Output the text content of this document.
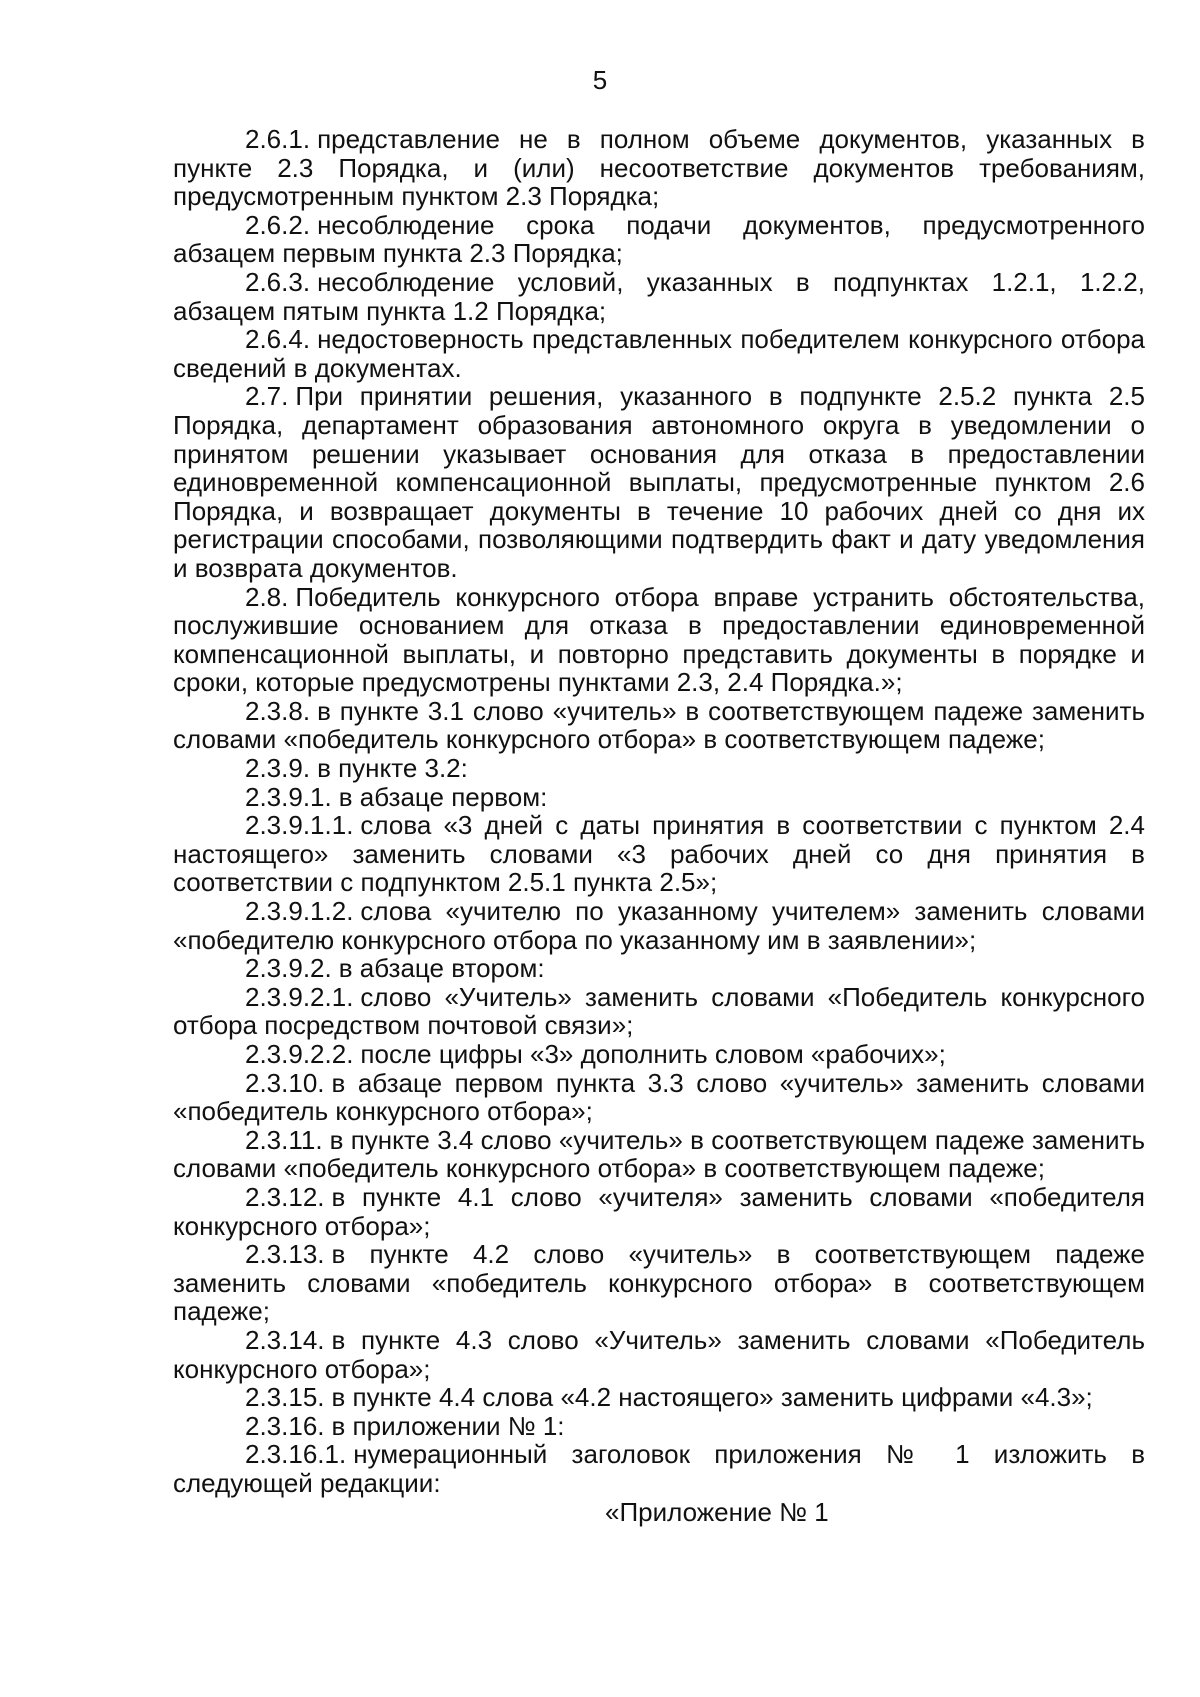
5

2.6.1. представление не в полном объеме документов, указанных в пункте 2.3 Порядка, и (или) несоответствие документов требованиям, предусмотренным пунктом 2.3 Порядка;

2.6.2. несоблюдение срока подачи документов, предусмотренного абзацем первым пункта 2.3 Порядка;

2.6.3. несоблюдение условий, указанных в подпунктах 1.2.1, 1.2.2, абзацем пятым пункта 1.2 Порядка;

2.6.4. недостоверность представленных победителем конкурсного отбора сведений в документах.

2.7. При принятии решения, указанного в подпункте 2.5.2 пункта 2.5 Порядка, департамент образования автономного округа в уведомлении о принятом решении указывает основания для отказа в предоставлении единовременной компенсационной выплаты, предусмотренные пунктом 2.6 Порядка, и возвращает документы в течение 10 рабочих дней со дня их регистрации способами, позволяющими подтвердить факт и дату уведомления и возврата документов.

2.8. Победитель конкурсного отбора вправе устранить обстоятельства, послужившие основанием для отказа в предоставлении единовременной компенсационной выплаты, и повторно представить документы в порядке и сроки, которые предусмотрены пунктами 2.3, 2.4 Порядка.»;

2.3.8. в пункте 3.1 слово «учитель» в соответствующем падеже заменить словами «победитель конкурсного отбора» в соответствующем падеже;

2.3.9. в пункте 3.2:

2.3.9.1. в абзаце первом:

2.3.9.1.1. слова «3 дней с даты принятия в соответствии с пунктом 2.4 настоящего» заменить словами «3 рабочих дней со дня принятия в соответствии с подпунктом 2.5.1 пункта 2.5»;

2.3.9.1.2. слова «учителю по указанному учителем» заменить словами «победителю конкурсного отбора по указанному им в заявлении»;

2.3.9.2. в абзаце втором:

2.3.9.2.1. слово «Учитель» заменить словами «Победитель конкурсного отбора посредством почтовой связи»;

2.3.9.2.2. после цифры «3» дополнить словом «рабочих»;

2.3.10. в абзаце первом пункта 3.3 слово «учитель» заменить словами «победитель конкурсного отбора»;

2.3.11. в пункте 3.4 слово «учитель» в соответствующем падеже заменить словами «победитель конкурсного отбора» в соответствующем падеже;

2.3.12. в пункте 4.1 слово «учителя» заменить словами «победителя конкурсного отбора»;

2.3.13. в пункте 4.2 слово «учитель» в соответствующем падеже заменить словами «победитель конкурсного отбора» в соответствующем падеже;

2.3.14. в пункте 4.3 слово «Учитель» заменить словами «Победитель конкурсного отбора»;

2.3.15. в пункте 4.4 слова «4.2 настоящего» заменить цифрами «4.3»;

2.3.16. в приложении № 1:

2.3.16.1. нумерационный заголовок приложения № 1 изложить в следующей редакции:

«Приложение № 1
